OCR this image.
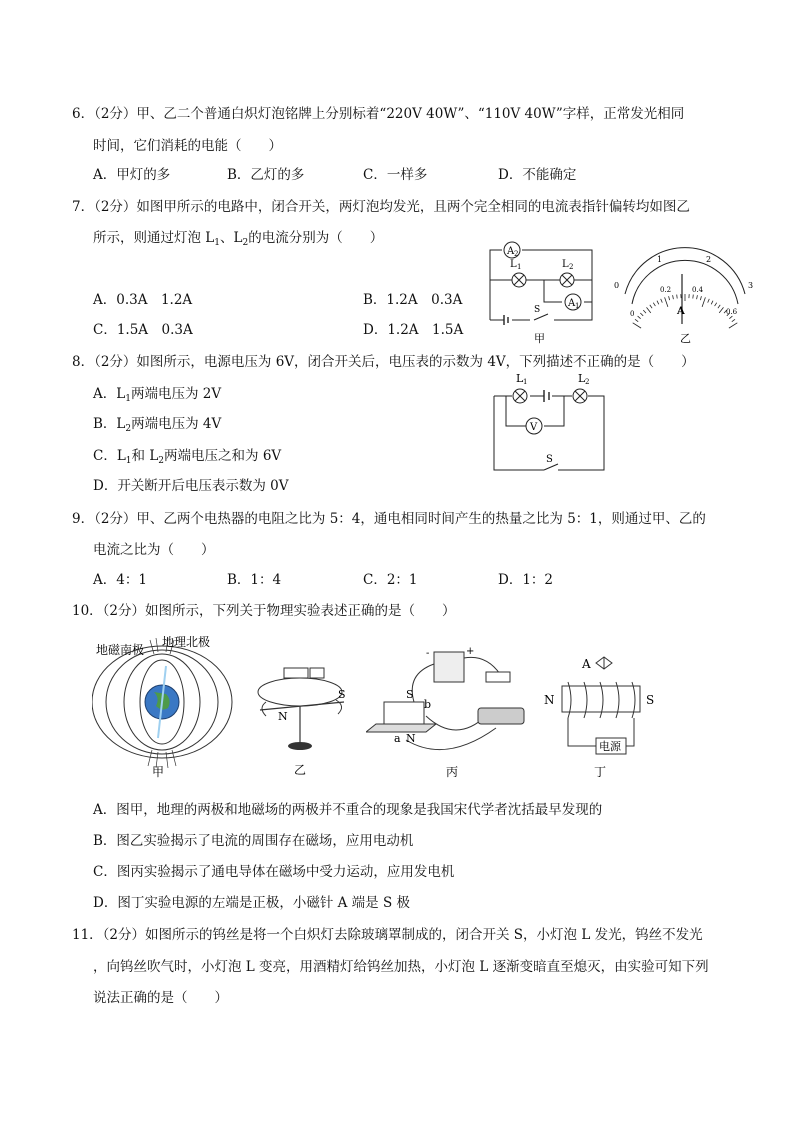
6．（2分）甲、乙二个普通白炽灯泡铭牌上分别标着“220V 40W”、“110V 40W”字样，正常发光相同
时间，它们消耗的电能（　　）
A．甲灯的多	B．乙灯的多	C．一样多	D．不能确定
7．（2分）如图甲所示的电路中，闭合开关，两灯泡均发光，且两个完全相同的电流表指针偏转均如图乙
所示，则通过灯泡 $L_1$、$L_2$的电流分别为（　　）
A．0.3A　1.2A	B．1.2A　0.3A
C．1.5A　0.3A	D．1.2A　1.5A
A 2
L 1	L 2
A 1
S
甲
0
1	2
3
0
0.2	0.4
0.6
A
乙
8．（2分）如图所示，电源电压为 6V，闭合开关后，电压表的示数为 4V，下列描述不正确的是（　　）
A．$L_1$两端电压为 2V
B．$L_2$两端电压为 4V
C．$L_1$和 $L_2$两端电压之和为 6V
D．开关断开后电压表示数为 0V
V
L 1	L 2
S
9．（2分）甲、乙两个电热器的电阻之比为 5：4，通电相同时间产生的热量之比为 5：1，则通过甲、乙的
电流之比为（　　）
A．4：1	B．1：4	C．2：1	D．1：2
10．（2分）如图所示，下列关于物理实验表述正确的是（　　）
地磁南极
地理北极
甲
N
S
乙
-	+
S
b
a N
丙
A
电源
N	S
丁
A．图甲，地理的两极和地磁场的两极并不重合的现象是我国宋代学者沈括最早发现的
B．图乙实验揭示了电流的周围存在磁场，应用电动机
C．图丙实验揭示了通电导体在磁场中受力运动，应用发电机
D．图丁实验电源的左端是正极，小磁针 A 端是 S 极
11．（2分）如图所示的钨丝是将一个白炽灯去除玻璃罩制成的，闭合开关 S，小灯泡 L 发光，钨丝不发光
，向钨丝吹气时，小灯泡 L 变亮，用酒精灯给钨丝加热，小灯泡 L 逐渐变暗直至熄灭，由实验可知下列
说法正确的是（　　）
